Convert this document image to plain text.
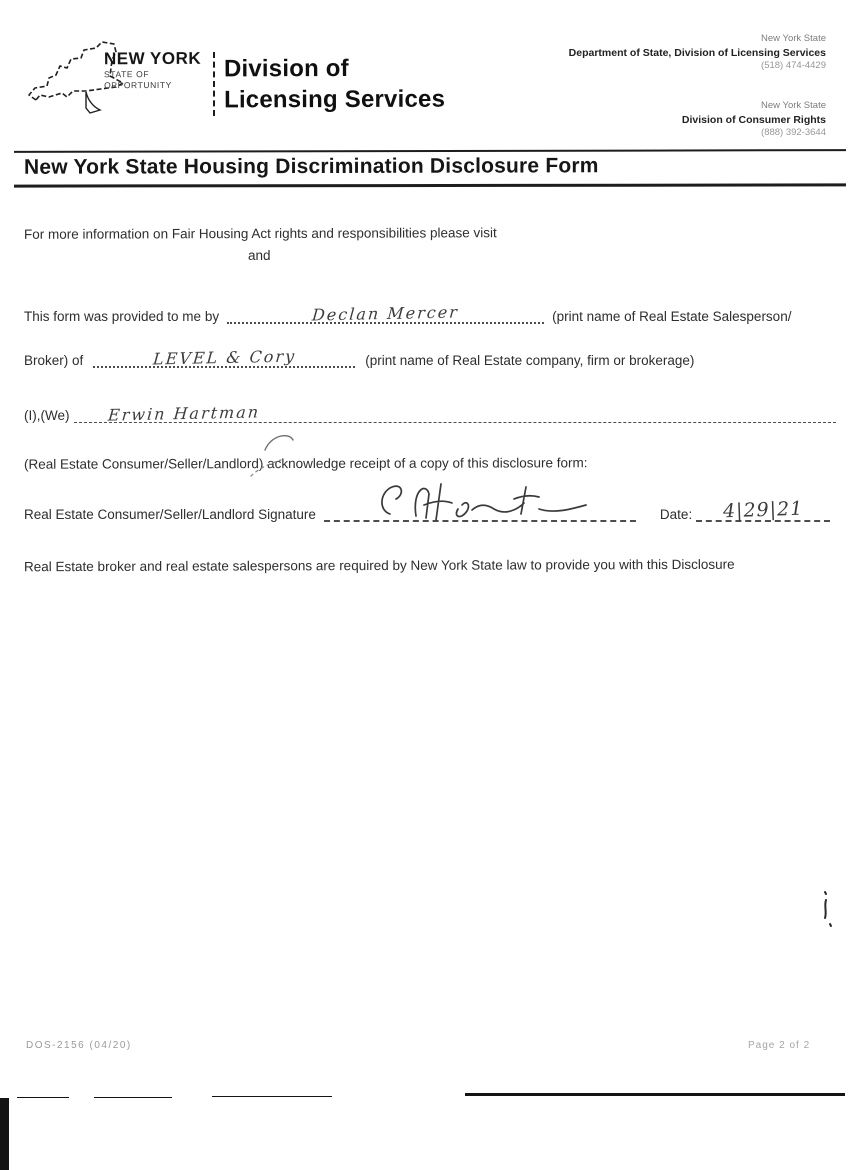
NEW YORK
STATE OF
OPPORTUNITY
Division of
Licensing Services
New York State
Department of State, Division of Licensing Services
(518) 474-4429
New York State
Division of Consumer Rights
(888) 392-3644
New York State Housing Discrimination Disclosure Form
For more information on Fair Housing Act rights and responsibilities please visit
and
This form was provided to me by	Declan Mercer	(print name of Real Estate Salesperson/
Broker) of	LEVEL & Cory	(print name of Real Estate company, firm or brokerage)
(I),(We)	Erwin Hartman
(Real Estate Consumer/Seller/Landlord) acknowledge receipt of a copy of this disclosure form:
Real Estate Consumer/Seller/Landlord Signature	Date:	4|29|21
Real Estate broker and real estate salespersons are required by New York State law to provide you with this Disclosure
DOS-2156 (04/20)	Page 2 of 2
